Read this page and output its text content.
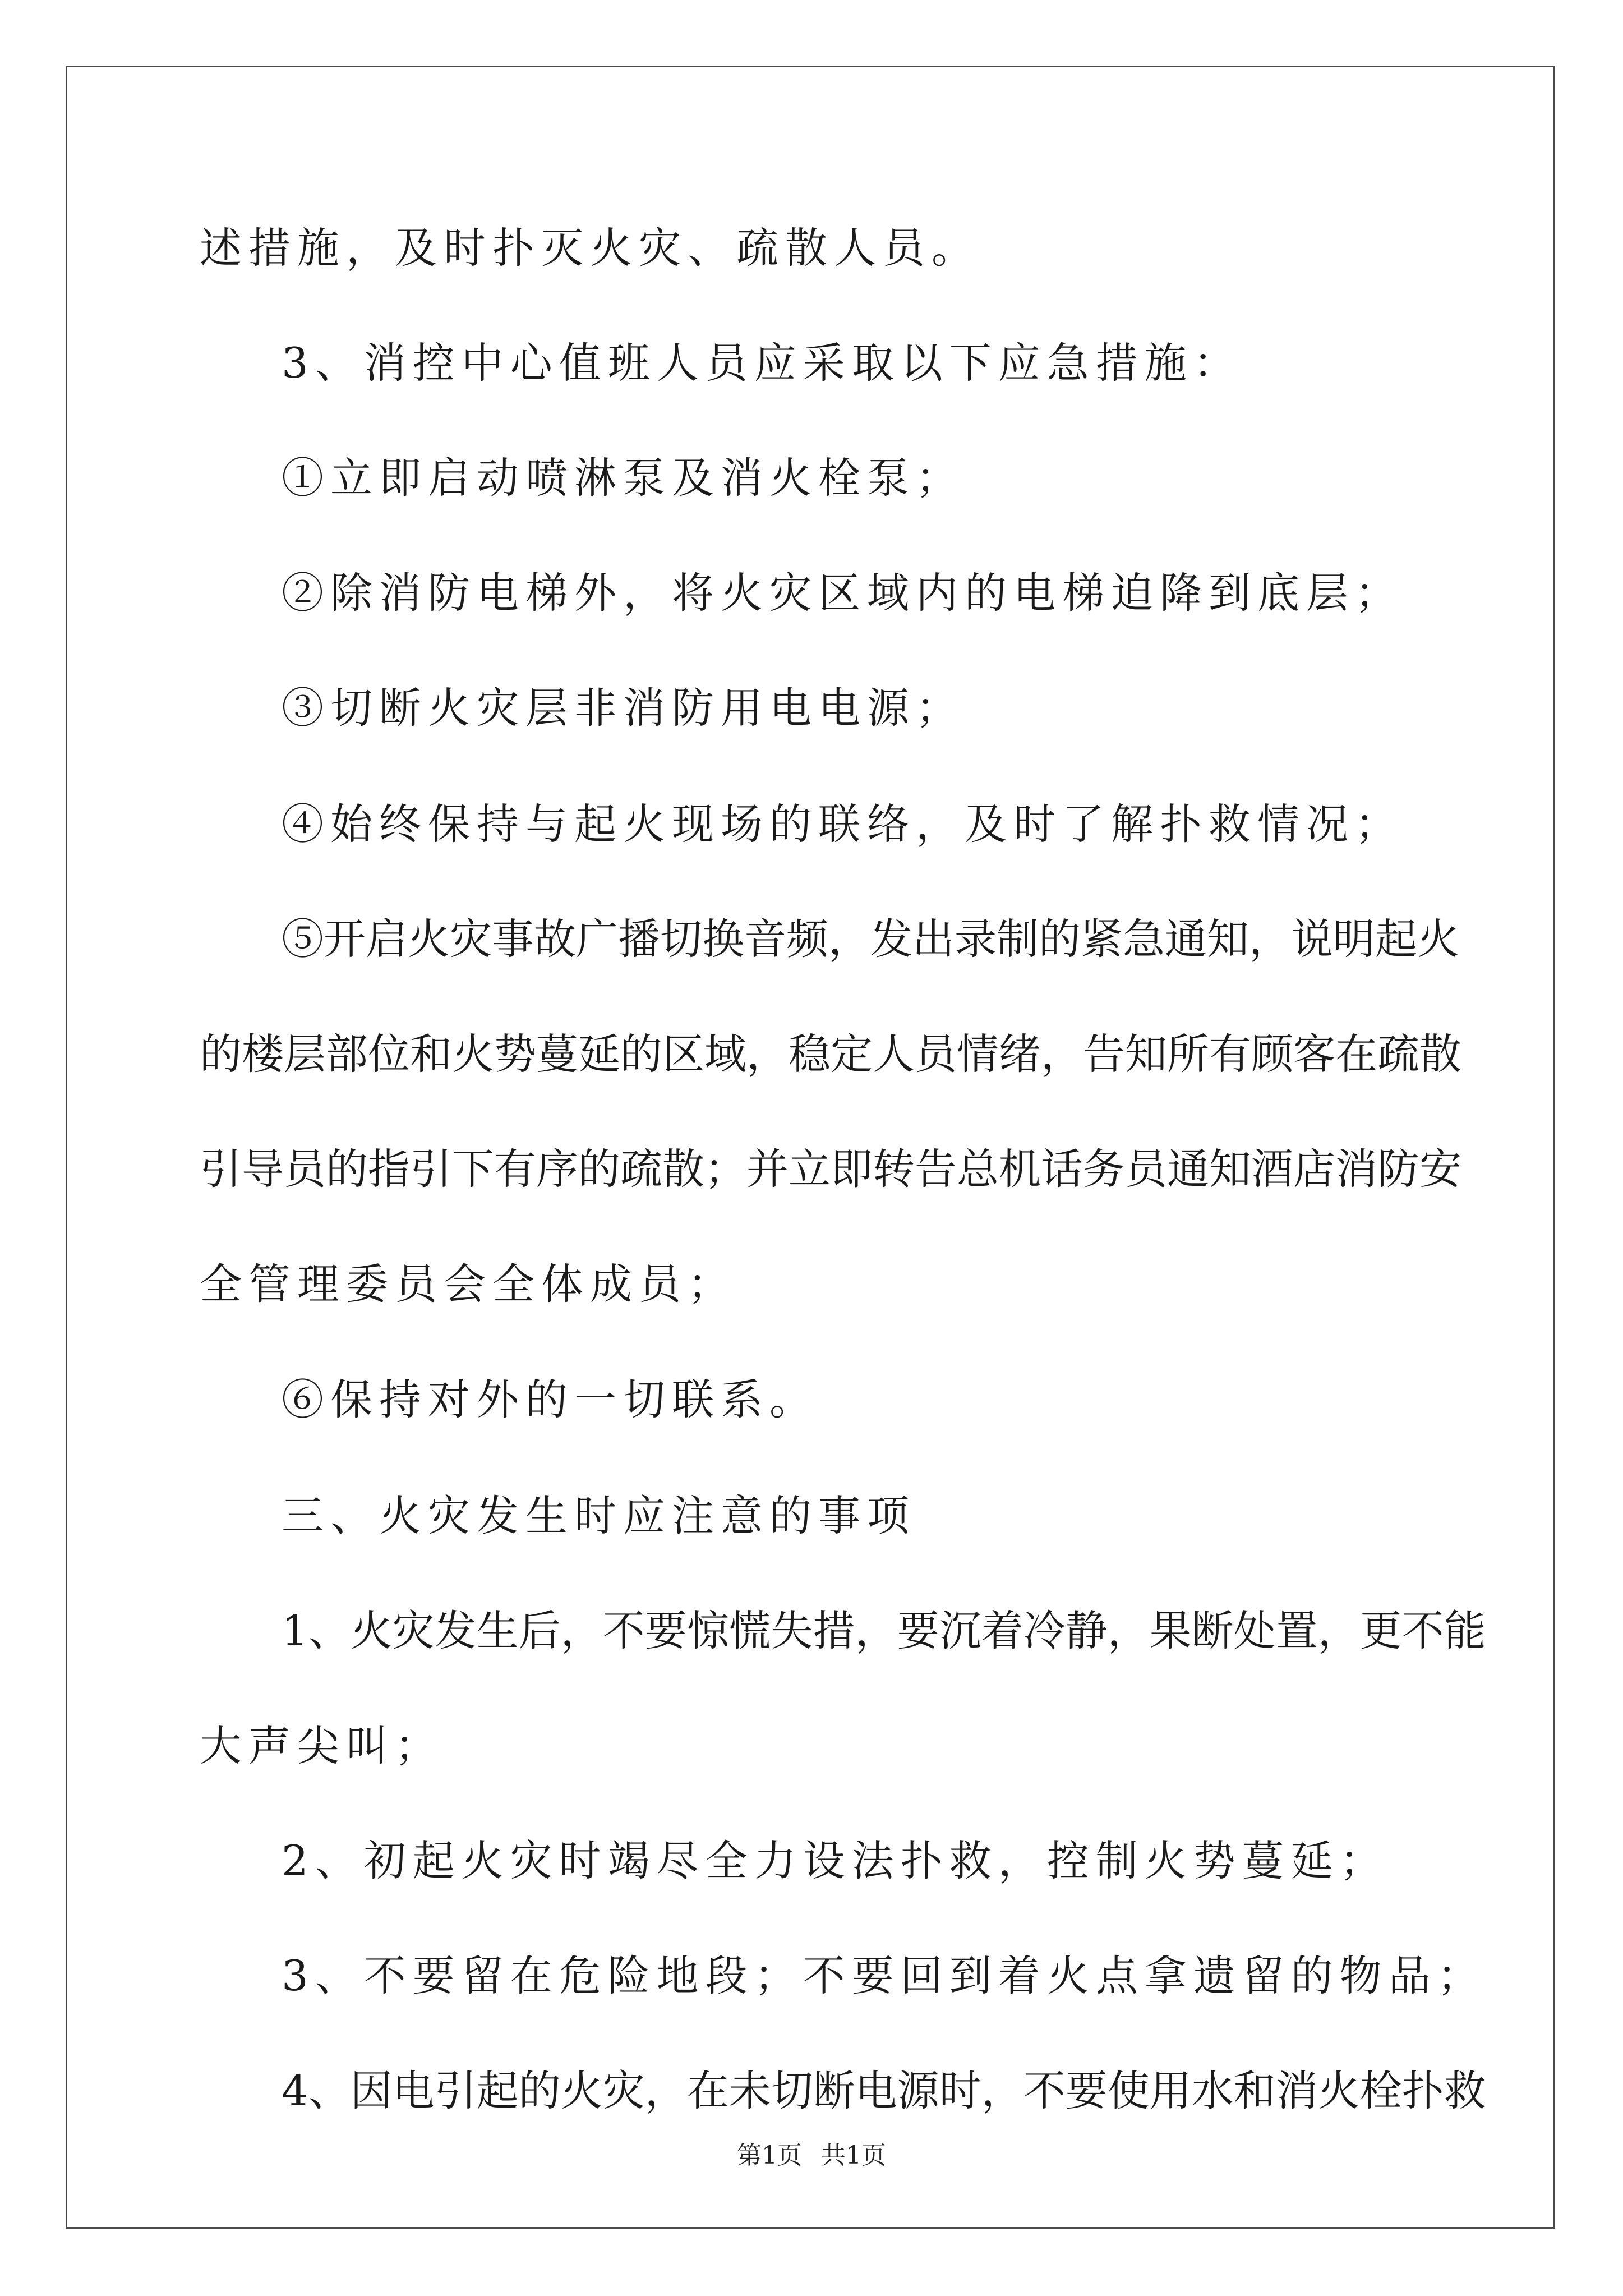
述措施，及时扑灭火灾、疏散人员。
3、消控中心值班人员应采取以下应急措施：
①立即启动喷淋泵及消火栓泵；
②除消防电梯外，将火灾区域内的电梯迫降到底层；
③切断火灾层非消防用电电源；
④始终保持与起火现场的联络，及时了解扑救情况；
⑤开启火灾事故广播切换音频，发出录制的紧急通知，说明起火
的楼层部位和火势蔓延的区域，稳定人员情绪，告知所有顾客在疏散
引导员的指引下有序的疏散；并立即转告总机话务员通知酒店消防安
全管理委员会全体成员；
⑥保持对外的一切联系。
三、火灾发生时应注意的事项
1、火灾发生后，不要惊慌失措，要沉着冷静，果断处置，更不能
大声尖叫；
2、初起火灾时竭尽全力设法扑救，控制火势蔓延；
3、不要留在危险地段；不要回到着火点拿遗留的物品；
4、因电引起的火灾，在未切断电源时，不要使用水和消火栓扑救
第1页 共1页
